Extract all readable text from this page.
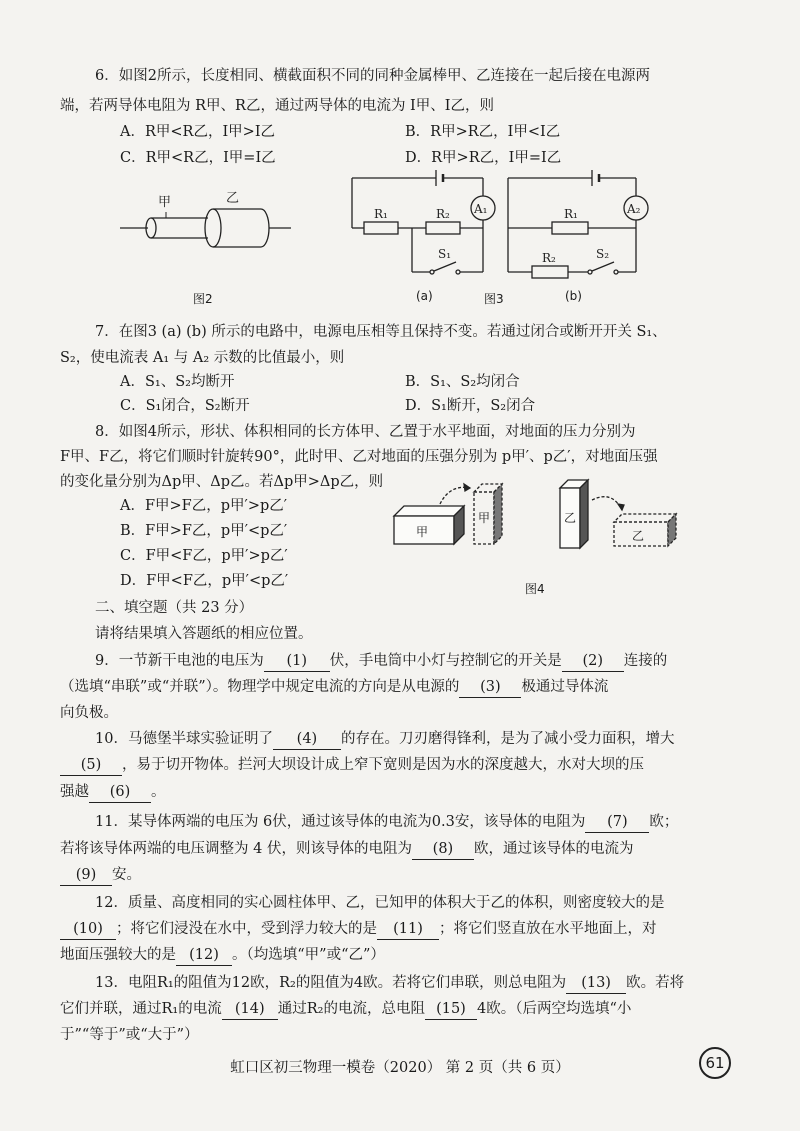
6．如图2所示，长度相同、横截面积不同的同种金属棒甲、乙连接在一起后接在电源两
端，若两导体电阻为 R甲、R乙，通过两导体的电流为 I甲、I乙，则
A．R甲<R乙，I甲>I乙	B．R甲>R乙，I甲<I乙
C．R甲<R乙，I甲=I乙	D．R甲>R乙，I甲=I乙
甲	乙
图2
R₁	R₂ A₁
S₁
(a)	图3
R₁
R₂
A₂
S₂
(b)
7．在图3 (a) (b) 所示的电路中，电源电压相等且保持不变。若通过闭合或断开开关 S₁、
S₂，使电流表 A₁ 与 A₂ 示数的比值最小，则
A．S₁、S₂均断开	B．S₁、S₂均闭合
C．S₁闭合，S₂断开	D．S₁断开，S₂闭合
8．如图4所示，形状、体积相同的长方体甲、乙置于水平地面，对地面的压力分别为
F甲、F乙，将它们顺时针旋转90°，此时甲、乙对地面的压强分别为 p甲′、p乙′，对地面压强
的变化量分别为Δp甲、Δp乙。若Δp甲>Δp乙，则
A．F甲>F乙，p甲′>p乙′
B．F甲>F乙，p甲′<p乙′
C．F甲<F乙，p甲′>p乙′
D．F甲<F乙，p甲′<p乙′
甲
甲	乙
乙
图4
二、填空题（共 23 分）
请将结果填入答题纸的相应位置。
9．一节新干电池的电压为 (1) 伏，手电筒中小灯与控制它的开关是 (2) 连接的
（选填“串联”或“并联”）。物理学中规定电流的方向是从电源的 (3) 极通过导体流
向负极。
10．马德堡半球实验证明了 (4) 的存在。刀刃磨得锋利，是为了减小受力面积，增大
(5) ，易于切开物体。拦河大坝设计成上窄下宽则是因为水的深度越大，水对大坝的压
强越 (6) 。
11．某导体两端的电压为 6伏，通过该导体的电流为0.3安，该导体的电阻为 (7) 欧；
若将该导体两端的电压调整为 4 伏，则该导体的电阻为 (8) 欧，通过该导体的电流为
(9) 安。
12．质量、高度相同的实心圆柱体甲、乙，已知甲的体积大于乙的体积，则密度较大的是
(10) ；将它们浸没在水中，受到浮力较大的是 (11) ；将它们竖直放在水平地面上，对
地面压强较大的是 (12) 。（均选填“甲”或“乙”）
13．电阻R₁的阻值为12欧，R₂的阻值为4欧。若将它们串联，则总电阻为 (13) 欧。若将
它们并联，通过R₁的电流 (14) 通过R₂的电流，总电阻 (15) 4欧。（后两空均选填“小
于”“等于”或“大于”）
虹口区初三物理一模卷（2020） 第 2 页（共 6 页）	61
